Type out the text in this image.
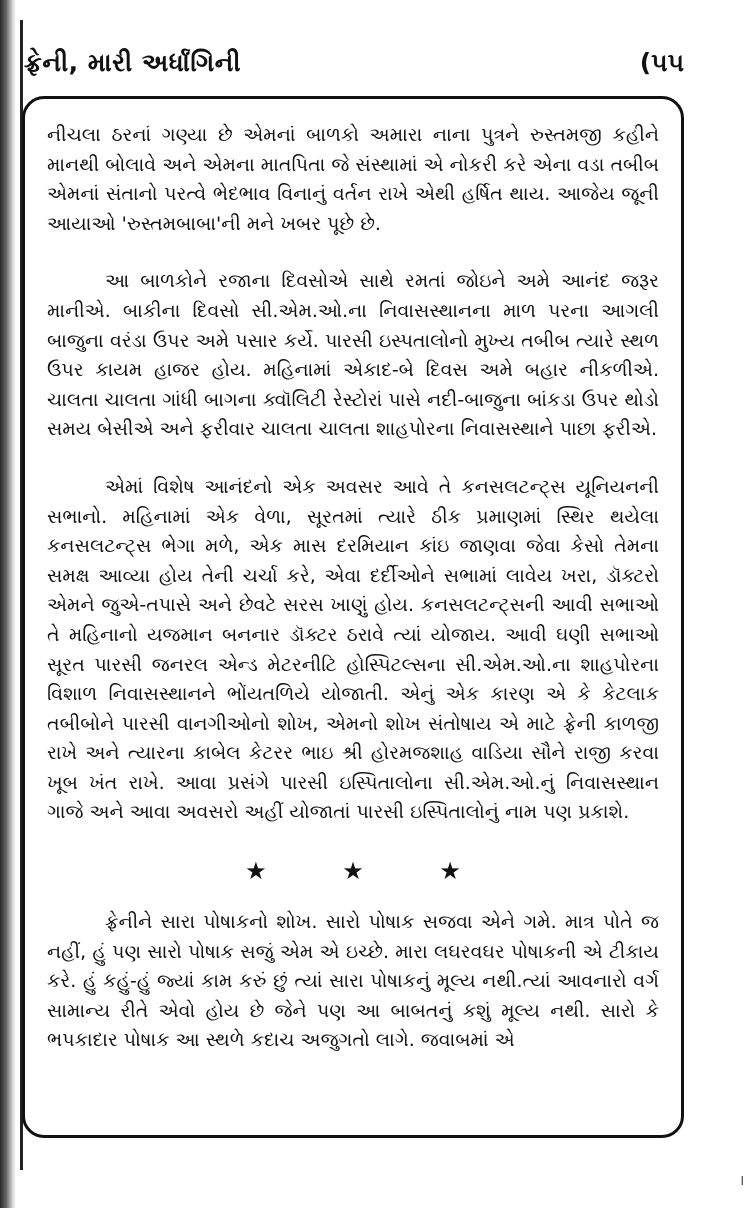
ફ્રેની, મારી અર્ધાંગિની	(૫૫

નીચલા ઠરનાં ગણ્યા છે એમનાં બાળકો અમારા નાના પુત્રને રુસ્તમજી કહીને માનથી બોલાવે અને એમના માતપિતા જે સંસ્થામાં એ નોકરી કરે એના વડા તબીબ એમનાં સંતાનો પરત્વે ભેદભાવ વિનાનું વર્તન રાખે એથી હર્ષિત થાય. આજેય જૂની આયાઓ 'રુસ્તમબાબા'ની મને ખબર પૂછે છે.

આ બાળકોને રજાના દિવસોએ સાથે રમતાં જોઇને અમે આનંદ જરૂર માનીએ. બાકીના દિવસો સી.એમ.ઓ.ના નિવાસસ્થાનના માળ પરના આગલી બાજુના વરંડા ઉપર અમે પસાર કર્યે. પારસી ઇસ્પતાલોનો મુખ્ય તબીબ ત્યારે સ્થળ ઉપર કાયમ હાજર હોય. મહિનામાં એકાદ-બે દિવસ અમે બહાર નીકળીએ. ચાલતા ચાલતા ગાંધી બાગના ક્વૉલિટી રેસ્ટોરાં પાસે નદી-બાજુના બાંકડા ઉપર થોડો સમય બેસીએ અને ફરીવાર ચાલતા ચાલતા શાહપોરના નિવાસસ્થાને પાછા ફરીએ.

એમાં વિશેષ આનંદનો એક અવસર આવે તે કનસલટન્ટ્સ યૂનિયનની સભાનો. મહિનામાં એક વેળા, સૂરતમાં ત્યારે ઠીક પ્રમાણમાં સ્થિર થયેલા કનસલટન્ટ્સ ભેગા મળે, એક માસ દરમિયાન કાંઇ જાણવા જેવા કેસો તેમના સમક્ષ આવ્યા હોય તેની ચર્ચા કરે, એવા દર્દીઓને સભામાં લાવેય ખરા, ડૉક્ટરો એમને જુએ-તપાસે અને છેવટે સરસ ખાણું હોય. કનસલટન્ટ્સની આવી સભાઓ તે મહિનાનો યજમાન બનનાર ડૉક્ટર ઠરાવે ત્યાં યોજાય. આવી ઘણી સભાઓ સૂરત પારસી જનરલ એન્ડ મેટરનીટિ હોસ્પિટલ્સના સી.એમ.ઓ.ના શાહપોરના વિશાળ નિવાસસ્થાનને ભોંયતળિયે યોજાતી. એનું એક કારણ એ કે કેટલાક તબીબોને પારસી વાનગીઓનો શોખ, એમનો શોખ સંતોષાય એ માટે ફ્રેની કાળજી રાખે અને ત્યારના કાબેલ કેટરર ભાઇ શ્રી હોરમજશાહ વાડિયા સૌને રાજી કરવા ખૂબ ખંત રાખે. આવા પ્રસંગે પારસી ઇસ્પિતાલોના સી.એમ.ઓ.નું નિવાસસ્થાન ગાજે અને આવા અવસરો અહીં યોજાતાં પારસી ઇસ્પિતાલોનું નામ પણ પ્રકાશે.

★ ★ ★

ફ્રેનીને સારા પોષાકનો શોખ. સારો પોષાક સજવા એને ગમે. માત્ર પોતે જ નહીં, હું પણ સારો પોષાક સજું એમ એ ઇચ્છે. મારા લઘરવઘર પોષાકની એ ટીકાય કરે. હું કહું-હું જ્યાં કામ કરું છું ત્યાં સારા પોષાકનું મૂલ્ય નથી.ત્યાં આવનારો વર્ગ સામાન્ય રીતે એવો હોય છે જેને પણ આ બાબતનું કશું મૂલ્ય નથી. સારો કે ભપકાદાર પોષાક આ સ્થળે કદાચ અજુગતો લાગે. જવાબમાં એ

I
